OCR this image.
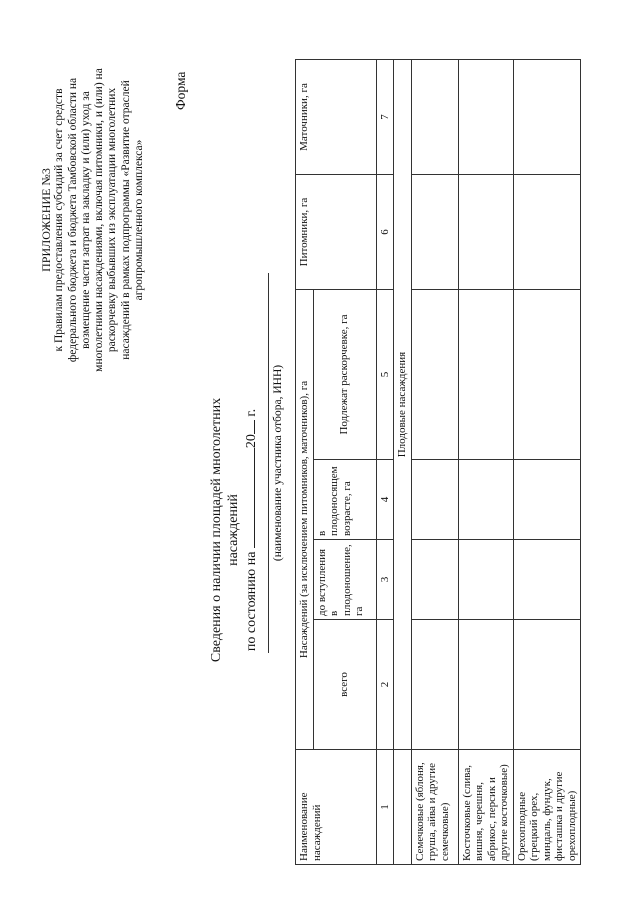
ПРИЛОЖЕНИЕ №3 к Правилам предоставления субсидий за счет средств федерального бюджета и бюджета Тамбовской области на возмещение части затрат на закладку и (или) уход за многолетними насаждениями, включая питомники, и (или) на раскорчевку выбывших из эксплуатации многолетних насаждений в рамках подпрограммы «Развитие отраслей агропромышленного комплекса»
Форма
Сведения о наличии площадей многолетних насаждений
по состоянию на 20 г. (наименование участника отбора, ИНН)
Наименование насаждений	Насаждений (за исключением питомников, маточников), га				Питомники, га	Маточники, га
	всего	до вступления в плодоношение, га	в плодоносящем возрасте, га	Подлежат раскорчевке, га		
1	2	3	4	5	6	7
	Плодовые насаждения					
Семечковые (яблоня, груша, айва и другие семечковые)						
Косточковые (слива, вишня, черешня, абрикос, персик и другие косточковые)						
Орехоплодные (грецкий орех, миндаль, фундук, фисташка и другие орехоплодные)						
